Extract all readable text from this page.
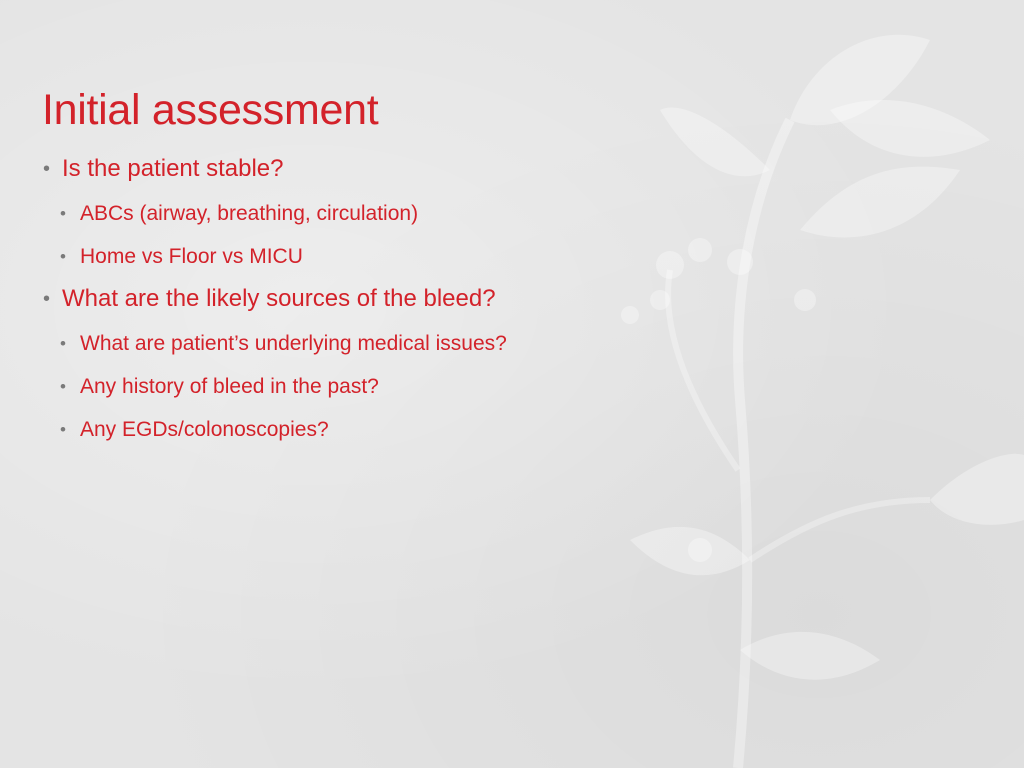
Initial assessment
• Is the patient stable?
• ABCs (airway, breathing, circulation)
• Home vs Floor vs MICU
• What are the likely sources of the bleed?
• What are patient’s underlying medical issues?
• Any history of bleed in the past?
• Any EGDs/colonoscopies?
